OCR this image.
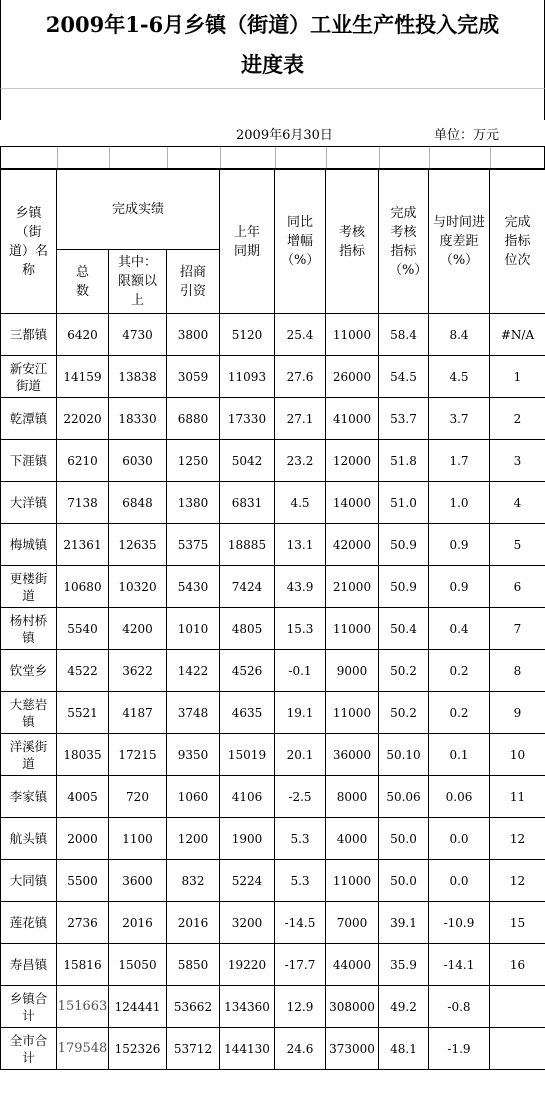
2009年1-6月乡镇（街道）工业生产性投入完成进度表
2009年6月30日	单位：万元
乡镇（街道）名称	完成实绩			上年同期	同比增幅（%）	考核指标	完成考核指标（%）	与时间进度差距（%）	完成指标位次
	总数	其中：限额以上	招商引资						
三都镇	6420	4730	3800	5120	25.4	11000	58.4	8.4	#N/A
新安江街道	14159	13838	3059	11093	27.6	26000	54.5	4.5	1
乾潭镇	22020	18330	6880	17330	27.1	41000	53.7	3.7	2
下涯镇	6210	6030	1250	5042	23.2	12000	51.8	1.7	3
大洋镇	7138	6848	1380	6831	4.5	14000	51.0	1.0	4
梅城镇	21361	12635	5375	18885	13.1	42000	50.9	0.9	5
更楼街道	10680	10320	5430	7424	43.9	21000	50.9	0.9	6
杨村桥镇	5540	4200	1010	4805	15.3	11000	50.4	0.4	7
钦堂乡	4522	3622	1422	4526	-0.1	9000	50.2	0.2	8
大慈岩镇	5521	4187	3748	4635	19.1	11000	50.2	0.2	9
洋溪街道	18035	17215	9350	15019	20.1	36000	50.10	0.1	10
李家镇	4005	720	1060	4106	-2.5	8000	50.06	0.06	11
航头镇	2000	1100	1200	1900	5.3	4000	50.0	0.0	12
大同镇	5500	3600	832	5224	5.3	11000	50.0	0.0	12
莲花镇	2736	2016	2016	3200	-14.5	7000	39.1	-10.9	15
寿昌镇	15816	15050	5850	19220	-17.7	44000	35.9	-14.1	16
乡镇合计	151663	124441	53662	134360	12.9	308000	49.2	-0.8	
全市合计	179548	152326	53712	144130	24.6	373000	48.1	-1.9	
